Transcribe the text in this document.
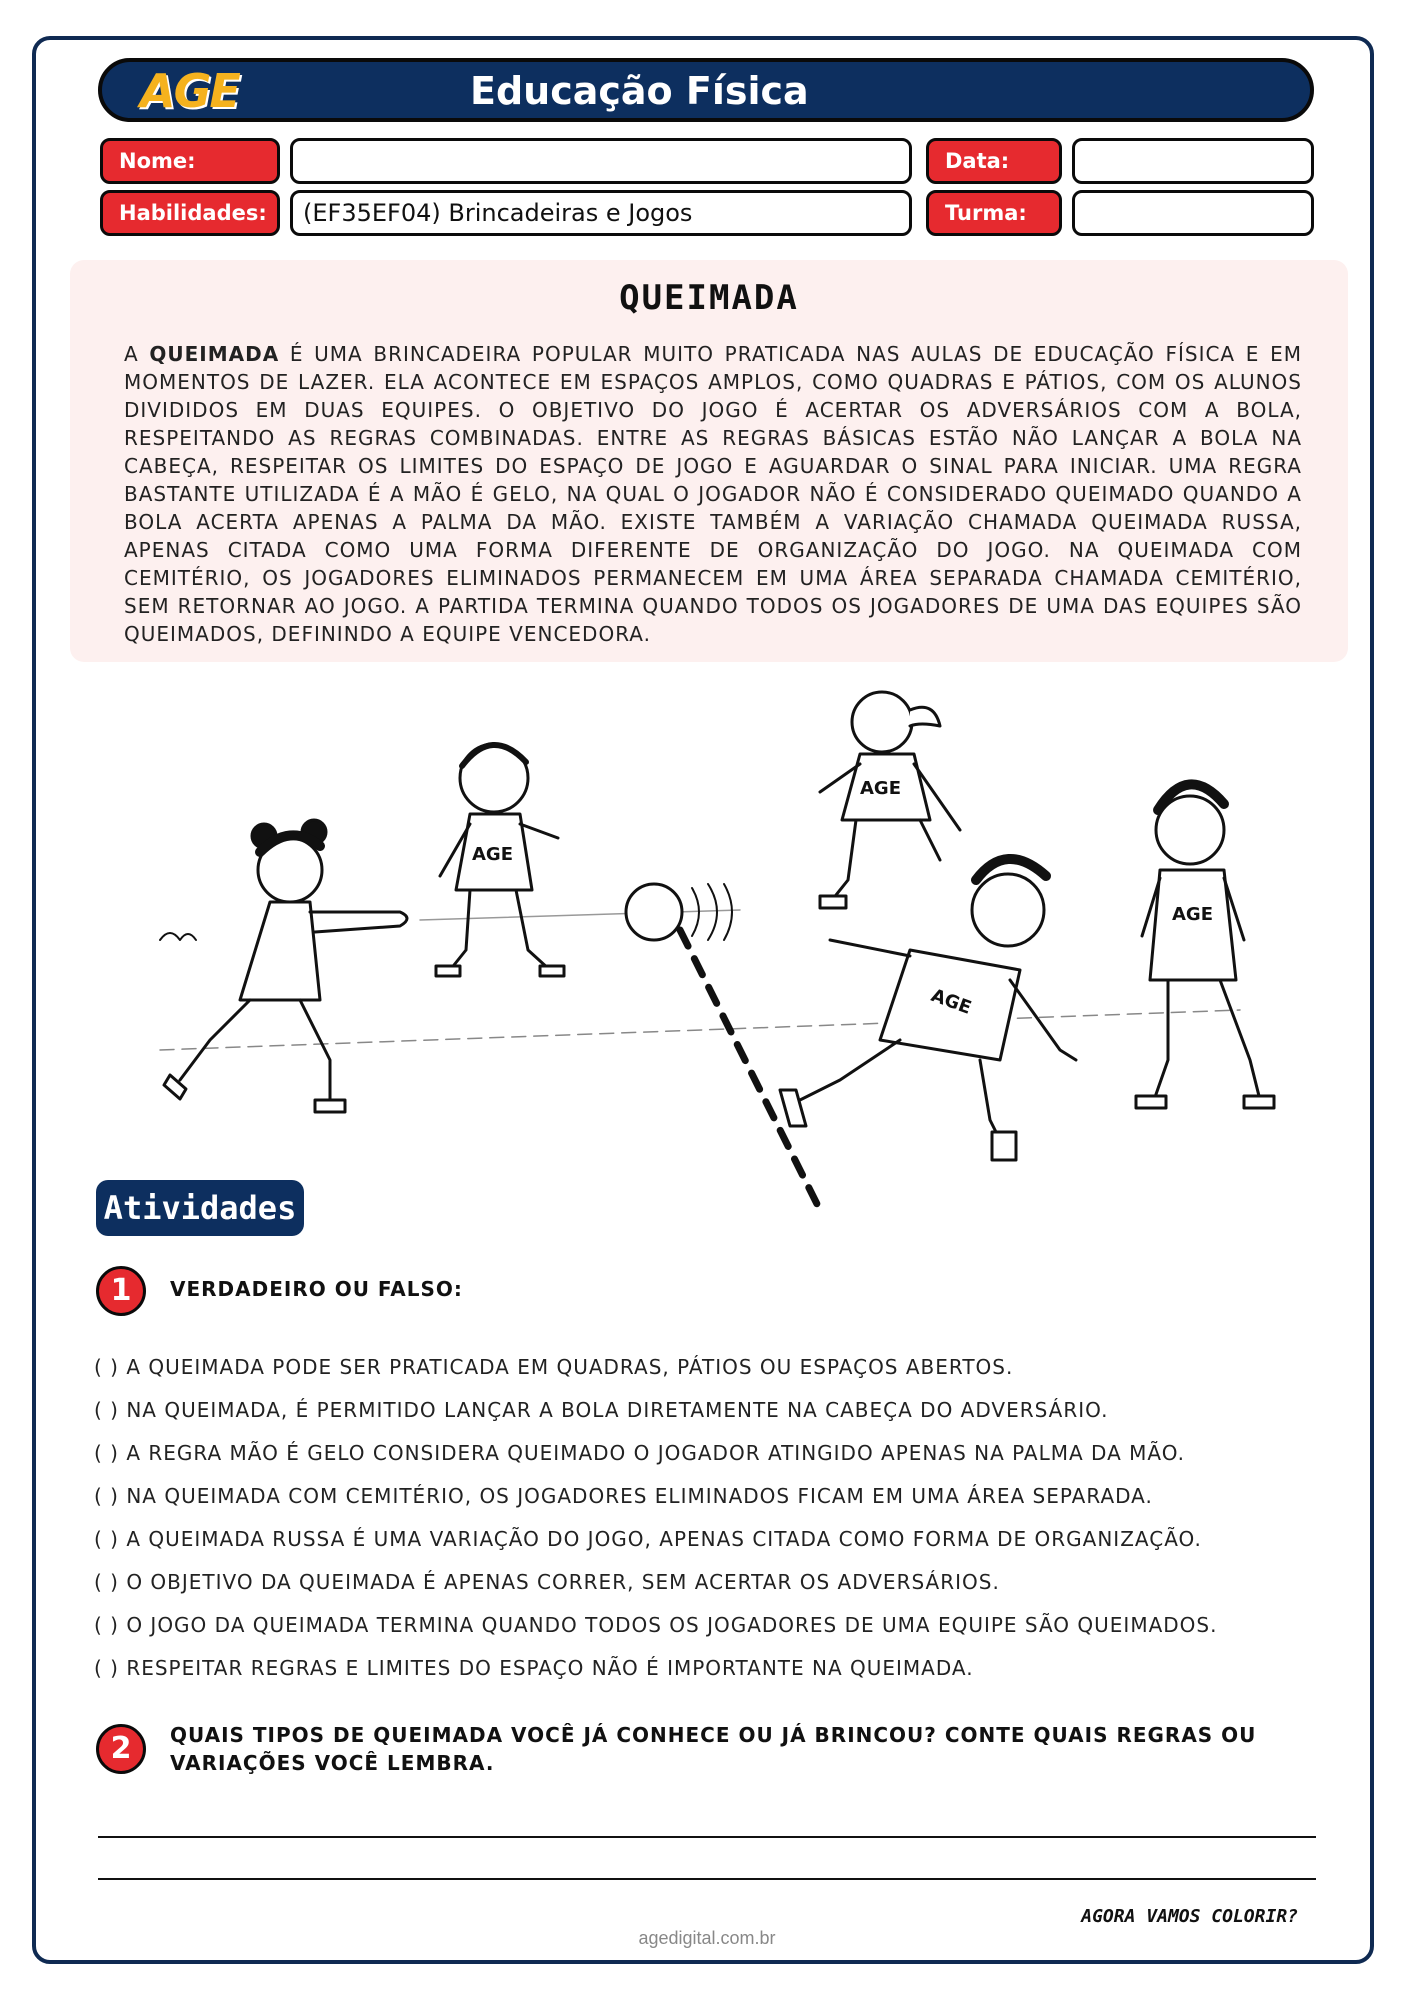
AGE	Educação Física
Nome:	Data:
Habilidades:	(EF35EF04) Brincadeiras e Jogos	Turma:
QUEIMADA
A QUEIMADA É UMA BRINCADEIRA POPULAR MUITO PRATICADA NAS AULAS DE EDUCAÇÃO FÍSICA E EM MOMENTOS DE LAZER. ELA ACONTECE EM ESPAÇOS AMPLOS, COMO QUADRAS E PÁTIOS, COM OS ALUNOS DIVIDIDOS EM DUAS EQUIPES. O OBJETIVO DO JOGO É ACERTAR OS ADVERSÁRIOS COM A BOLA, RESPEITANDO AS REGRAS COMBINADAS. ENTRE AS REGRAS BÁSICAS ESTÃO NÃO LANÇAR A BOLA NA CABEÇA, RESPEITAR OS LIMITES DO ESPAÇO DE JOGO E AGUARDAR O SINAL PARA INICIAR. UMA REGRA BASTANTE UTILIZADA É A MÃO É GELO, NA QUAL O JOGADOR NÃO É CONSIDERADO QUEIMADO QUANDO A BOLA ACERTA APENAS A PALMA DA MÃO. EXISTE TAMBÉM A VARIAÇÃO CHAMADA QUEIMADA RUSSA, APENAS CITADA COMO UMA FORMA DIFERENTE DE ORGANIZAÇÃO DO JOGO. NA QUEIMADA COM CEMITÉRIO, OS JOGADORES ELIMINADOS PERMANECEM EM UMA ÁREA SEPARADA CHAMADA CEMITÉRIO, SEM RETORNAR AO JOGO. A PARTIDA TERMINA QUANDO TODOS OS JOGADORES DE UMA DAS EQUIPES SÃO QUEIMADOS, DEFININDO A EQUIPE VENCEDORA.
AGE
AGE
AGE
AGE
Atividades
1	VERDADEIRO OU FALSO:
( ) A QUEIMADA PODE SER PRATICADA EM QUADRAS, PÁTIOS OU ESPAÇOS ABERTOS.
( ) NA QUEIMADA, É PERMITIDO LANÇAR A BOLA DIRETAMENTE NA CABEÇA DO ADVERSÁRIO.
( ) A REGRA MÃO É GELO CONSIDERA QUEIMADO O JOGADOR ATINGIDO APENAS NA PALMA DA MÃO.
( ) NA QUEIMADA COM CEMITÉRIO, OS JOGADORES ELIMINADOS FICAM EM UMA ÁREA SEPARADA.
( ) A QUEIMADA RUSSA É UMA VARIAÇÃO DO JOGO, APENAS CITADA COMO FORMA DE ORGANIZAÇÃO.
( ) O OBJETIVO DA QUEIMADA É APENAS CORRER, SEM ACERTAR OS ADVERSÁRIOS.
( ) O JOGO DA QUEIMADA TERMINA QUANDO TODOS OS JOGADORES DE UMA EQUIPE SÃO QUEIMADOS.
( ) RESPEITAR REGRAS E LIMITES DO ESPAÇO NÃO É IMPORTANTE NA QUEIMADA.
2	QUAIS TIPOS DE QUEIMADA VOCÊ JÁ CONHECE OU JÁ BRINCOU? CONTE QUAIS REGRAS OU
VARIAÇÕES VOCÊ LEMBRA.
agedigital.com.br
AGORA VAMOS COLORIR?
